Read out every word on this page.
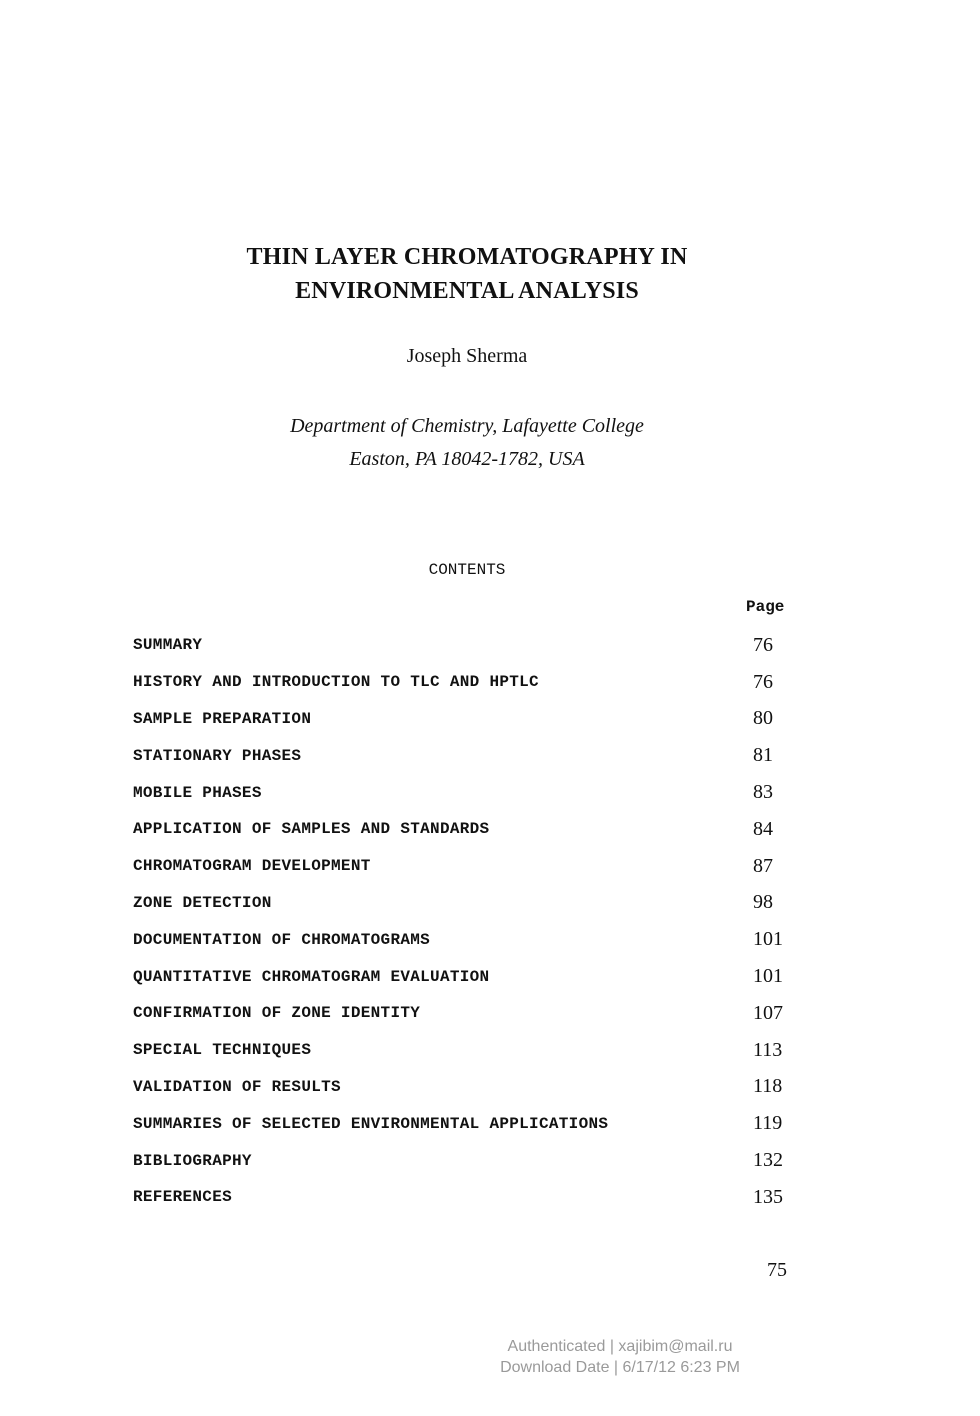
THIN LAYER CHROMATOGRAPHY IN
ENVIRONMENTAL ANALYSIS
Joseph Sherma
Department of Chemistry, Lafayette College
Easton, PA 18042-1782, USA
CONTENTS
Page
SUMMARY	76
HISTORY AND INTRODUCTION TO TLC AND HPTLC	76
SAMPLE PREPARATION	80
STATIONARY PHASES	81
MOBILE PHASES	83
APPLICATION OF SAMPLES AND STANDARDS	84
CHROMATOGRAM DEVELOPMENT	87
ZONE DETECTION	98
DOCUMENTATION OF CHROMATOGRAMS	101
QUANTITATIVE CHROMATOGRAM EVALUATION	101
CONFIRMATION OF ZONE IDENTITY	107
SPECIAL TECHNIQUES	113
VALIDATION OF RESULTS	118
SUMMARIES OF SELECTED ENVIRONMENTAL APPLICATIONS	119
BIBLIOGRAPHY	132
REFERENCES	135
75
Authenticated | xajibim@mail.ru
Download Date | 6/17/12 6:23 PM
